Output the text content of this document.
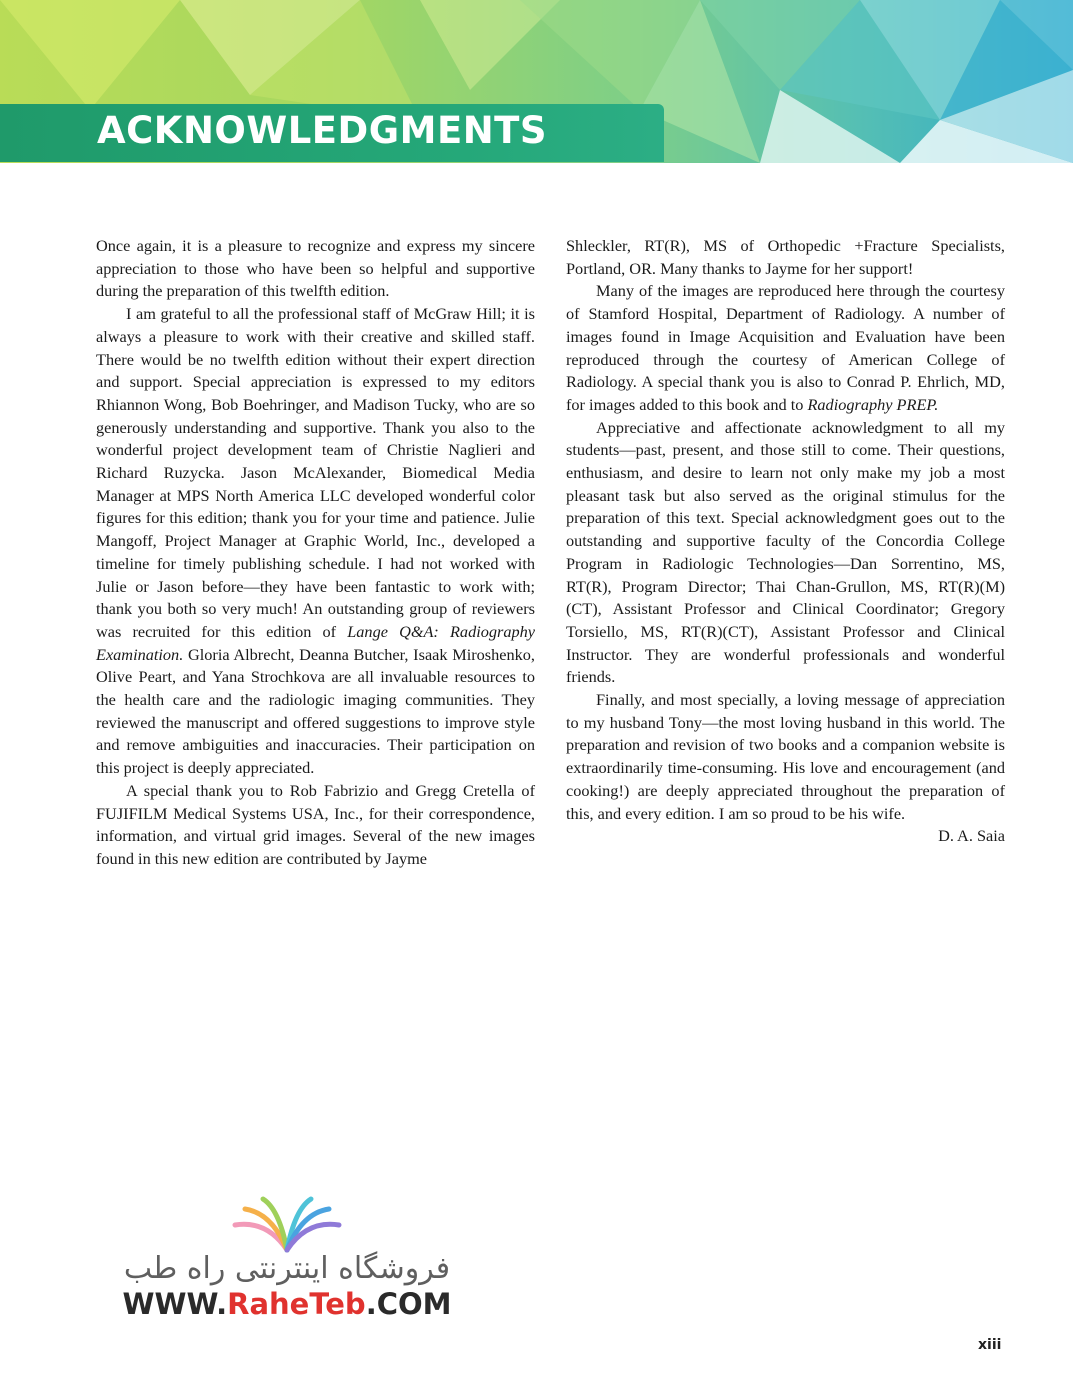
ACKNOWLEDGMENTS

Once again, it is a pleasure to recognize and express my sincere appreciation to those who have been so helpful and supportive during the preparation of this twelfth edition.

I am grateful to all the professional staff of McGraw Hill; it is always a pleasure to work with their creative and skilled staff. There would be no twelfth edition without their expert direction and support. Special appreciation is expressed to my editors Rhiannon Wong, Bob Boehringer, and Madison Tucky, who are so generously understanding and supportive. Thank you also to the wonderful project development team of Christie Naglieri and Richard Ruzycka. Jason McAlexander, Biomedical Media Manager at MPS North America LLC developed wonderful color figures for this edition; thank you for your time and patience. Julie Mangoff, Project Manager at Graphic World, Inc., developed a timeline for timely publishing schedule. I had not worked with Julie or Jason before—they have been fantastic to work with; thank you both so very much! An outstanding group of reviewers was recruited for this edition of Lange Q&A: Radiography Examination. Gloria Albrecht, Deanna Butcher, Isaak Miroshenko, Olive Peart, and Yana Strochkova are all invaluable resources to the health care and the radiologic imaging communities. They reviewed the manuscript and offered suggestions to improve style and remove ambiguities and inaccuracies. Their participation on this project is deeply appreciated.

A special thank you to Rob Fabrizio and Gregg Cretella of FUJIFILM Medical Systems USA, Inc., for their correspondence, information, and virtual grid images. Several of the new images found in this new edition are contributed by Jayme

Shleckler, RT(R), MS of Orthopedic +Fracture Specialists, Portland, OR. Many thanks to Jayme for her support!

Many of the images are reproduced here through the courtesy of Stamford Hospital, Department of Radiology. A number of images found in Image Acquisition and Evaluation have been reproduced through the courtesy of American College of Radiology. A special thank you is also to Conrad P. Ehrlich, MD, for images added to this book and to Radiography PREP.

Appreciative and affectionate acknowledgment to all my students—past, present, and those still to come. Their questions, enthusiasm, and desire to learn not only make my job a most pleasant task but also served as the original stimulus for the preparation of this text. Special acknowledgment goes out to the outstanding and supportive faculty of the Concordia College Program in Radiologic Technologies—Dan Sorrentino, MS, RT(R), Program Director; Thai Chan-Grullon, MS, RT(R)(M)(CT), Assistant Professor and Clinical Coordinator; Gregory Torsiello, MS, RT(R)(CT), Assistant Professor and Clinical Instructor. They are wonderful professionals and wonderful friends.

Finally, and most specially, a loving message of appreciation to my husband Tony—the most loving husband in this world. The preparation and revision of two books and a companion website is extraordinarily time-consuming. His love and encouragement (and cooking!) are deeply appreciated throughout the preparation of this, and every edition. I am so proud to be his wife.

D. A. Saia

فروشگاه اینترنتی راه طب
WWW.RaheTeb.COM
xiii
